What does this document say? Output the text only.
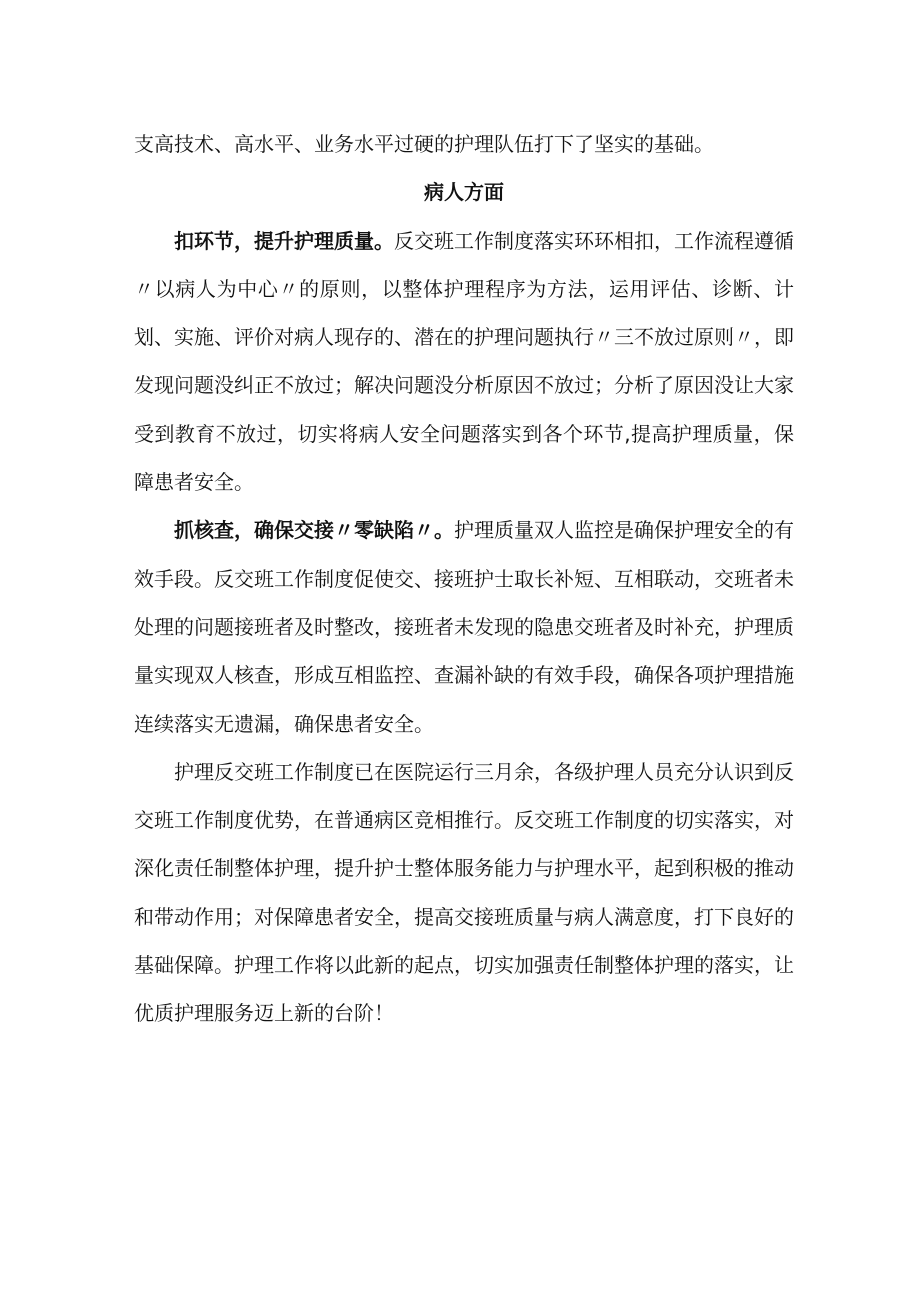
支高技术、高水平、业务水平过硬的护理队伍打下了坚实的基础。

病人方面

扣环节，提升护理质量。反交班工作制度落实环环相扣，工作流程遵循〃以病人为中心〃的原则，以整体护理程序为方法，运用评估、诊断、计划、实施、评价对病人现存的、潜在的护理问题执行〃三不放过原则〃，即发现问题没纠正不放过；解决问题没分析原因不放过；分析了原因没让大家受到教育不放过，切实将病人安全问题落实到各个环节,提高护理质量，保障患者安全。

抓核查，确保交接〃零缺陷〃。护理质量双人监控是确保护理安全的有效手段。反交班工作制度促使交、接班护士取长补短、互相联动，交班者未处理的问题接班者及时整改，接班者未发现的隐患交班者及时补充，护理质量实现双人核查，形成互相监控、查漏补缺的有效手段，确保各项护理措施连续落实无遗漏，确保患者安全。

护理反交班工作制度已在医院运行三月余，各级护理人员充分认识到反交班工作制度优势，在普通病区竞相推行。反交班工作制度的切实落实，对深化责任制整体护理，提升护士整体服务能力与护理水平，起到积极的推动和带动作用；对保障患者安全，提高交接班质量与病人满意度，打下良好的基础保障。护理工作将以此新的起点，切实加强责任制整体护理的落实，让优质护理服务迈上新的台阶！
